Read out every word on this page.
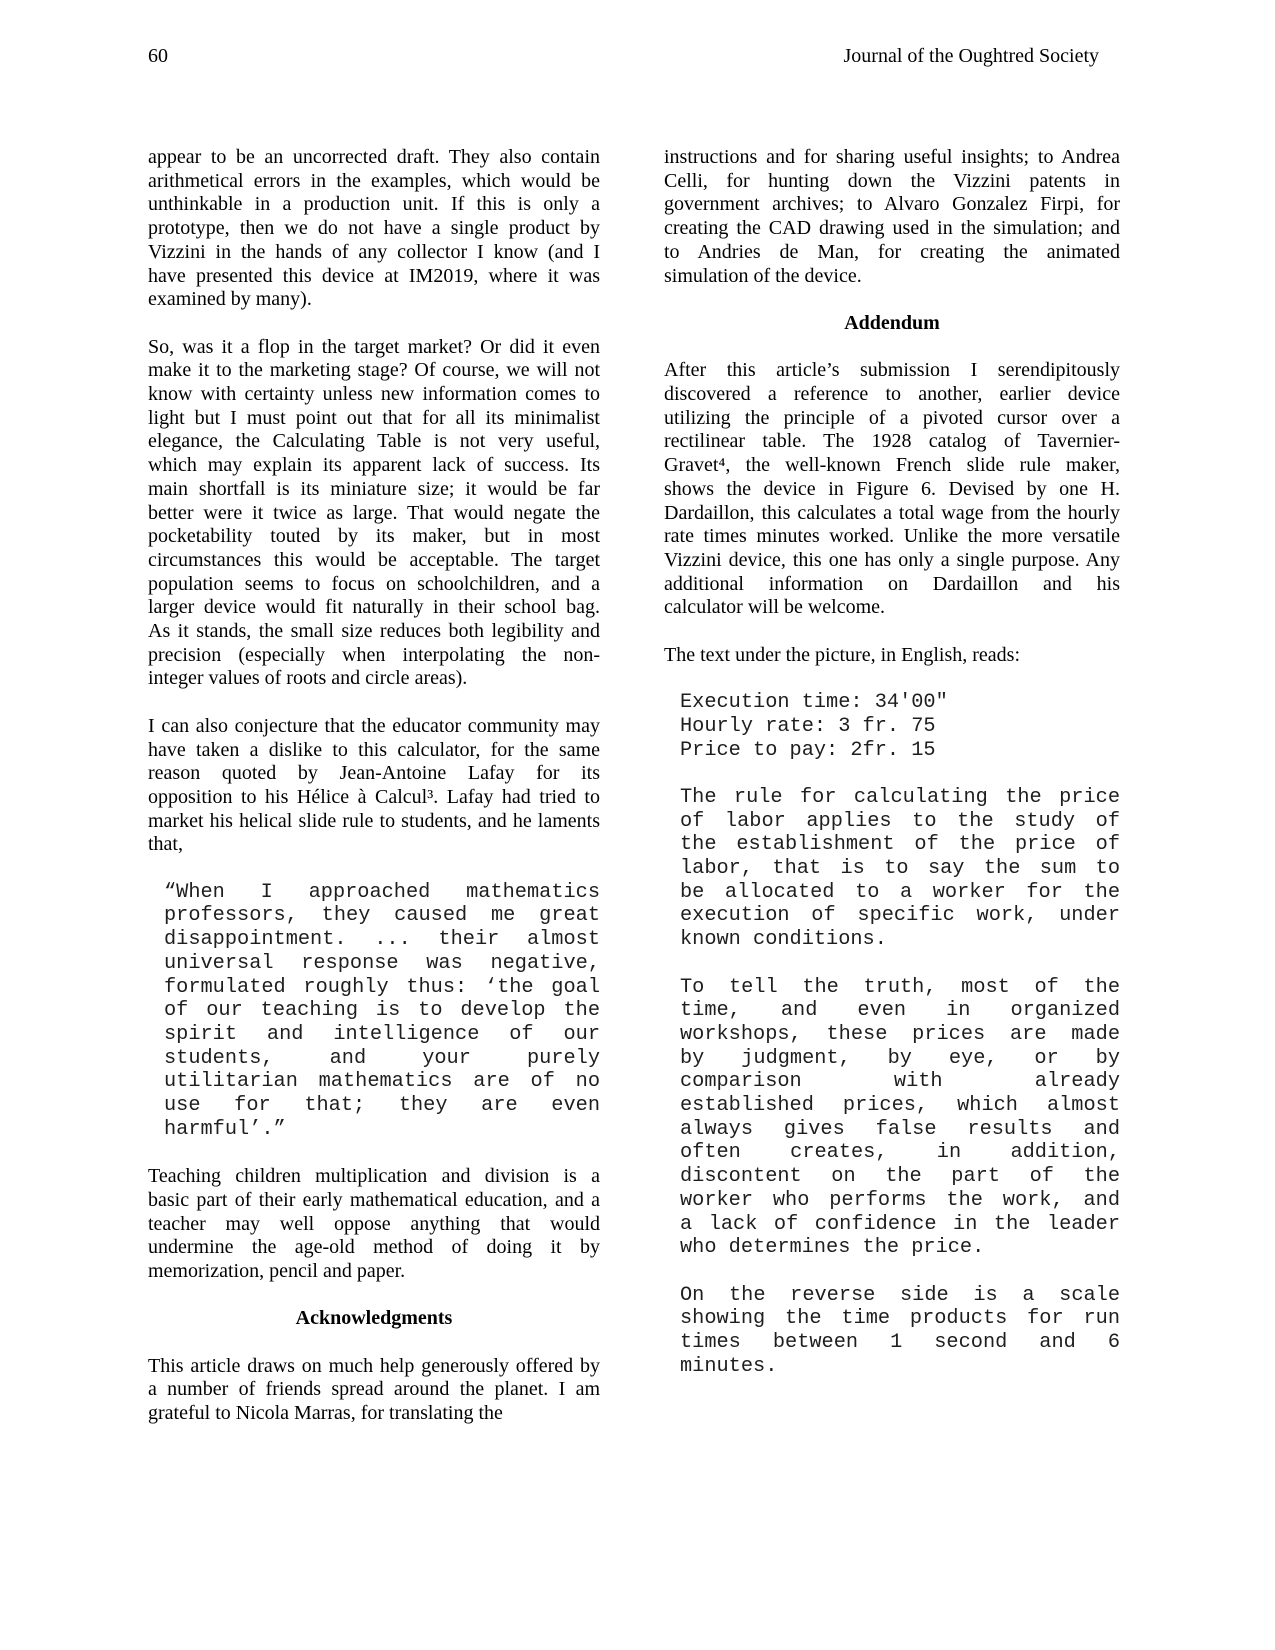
60	Journal of the Oughtred Society
appear to be an uncorrected draft. They also contain
arithmetical errors in the examples, which would be
unthinkable in a production unit. If this is only a
prototype, then we do not have a single product by
Vizzini in the hands of any collector I know (and I
have presented this device at IM2019, where it was
examined by many).
So, was it a flop in the target market? Or did it even
make it to the marketing stage? Of course, we will not
know with certainty unless new information comes to
light but I must point out that for all its minimalist
elegance, the Calculating Table is not very useful,
which may explain its apparent lack of success. Its
main shortfall is its miniature size; it would be far
better were it twice as large. That would negate the
pocketability touted by its maker, but in most
circumstances this would be acceptable. The target
population seems to focus on schoolchildren, and a
larger device would fit naturally in their school bag.
As it stands, the small size reduces both legibility and
precision (especially when interpolating the non-
integer values of roots and circle areas).
I can also conjecture that the educator community may
have taken a dislike to this calculator, for the same
reason quoted by Jean-Antoine Lafay for its
opposition to his Hélice à Calcul³. Lafay had tried to
market his helical slide rule to students, and he laments
that,
“When I approached mathematics
professors, they caused me great
disappointment. ... their almost
universal response was negative,
formulated roughly thus: ‘the goal
of our teaching is to develop the
spirit and intelligence of our
students, and your purely
utilitarian mathematics are of no
use for that; they are even
harmful’.”
Teaching children multiplication and division is a
basic part of their early mathematical education, and a
teacher may well oppose anything that would
undermine the age-old method of doing it by
memorization, pencil and paper.
Acknowledgments
This article draws on much help generously offered by
a number of friends spread around the planet. I am
grateful to Nicola Marras, for translating the
instructions and for sharing useful insights; to Andrea
Celli, for hunting down the Vizzini patents in
government archives; to Alvaro Gonzalez Firpi, for
creating the CAD drawing used in the simulation; and
to Andries de Man, for creating the animated
simulation of the device.
Addendum
After this article’s submission I serendipitously
discovered a reference to another, earlier device
utilizing the principle of a pivoted cursor over a
rectilinear table. The 1928 catalog of Tavernier-
Gravet⁴, the well-known French slide rule maker,
shows the device in Figure 6. Devised by one H.
Dardaillon, this calculates a total wage from the hourly
rate times minutes worked. Unlike the more versatile
Vizzini device, this one has only a single purpose. Any
additional information on Dardaillon and his
calculator will be welcome.
The text under the picture, in English, reads:
Execution time: 34'00"
Hourly rate: 3 fr. 75
Price to pay: 2fr. 15
The rule for calculating the price
of labor applies to the study of
the establishment of the price of
labor, that is to say the sum to
be allocated to a worker for the
execution of specific work, under
known conditions.
To tell the truth, most of the
time, and even in organized
workshops, these prices are made
by judgment, by eye, or by
comparison with already
established prices, which almost
always gives false results and
often creates, in addition,
discontent on the part of the
worker who performs the work, and
a lack of confidence in the leader
who determines the price.
On the reverse side is a scale
showing the time products for run
times between 1 second and 6
minutes.
